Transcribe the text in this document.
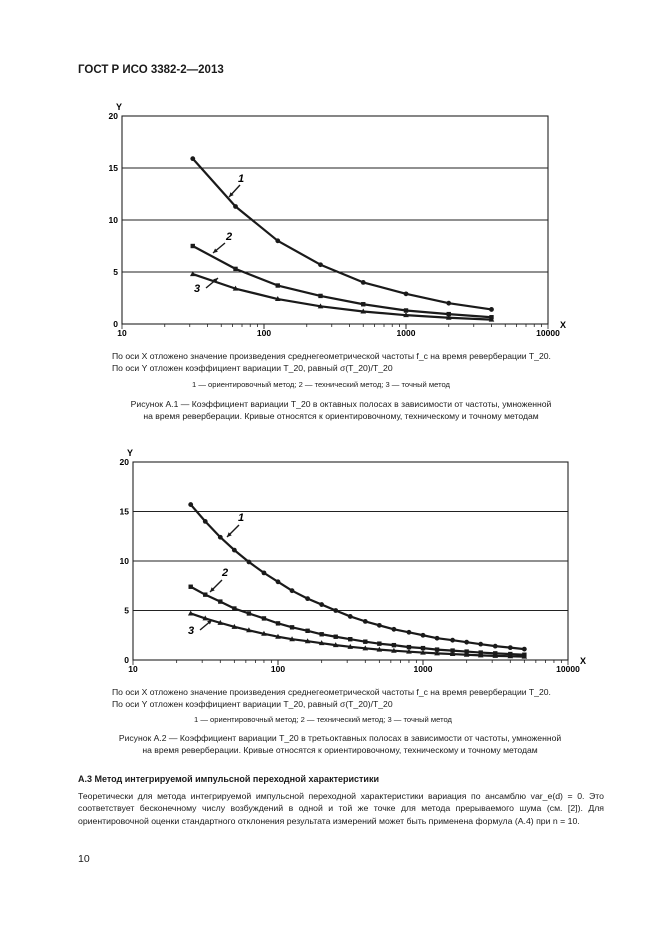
ГОСТ Р ИСО 3382-2—2013
0
5
10
15
20
10	100	1000	10000
X
Y
1
2
3
0
5
10
15
20
10	100	1000	10000
X
Y
1
2
3
По оси X отложено значение произведения среднегеометрической частоты f_c на время реверберации T_20.
По оси Y отложен коэффициент вариации T_20, равный σ(T_20)/T_20
1 — ориентировочный метод; 2 — технический метод; 3 — точный метод
Рисунок А.1 — Коэффициент вариации T_20 в октавных полосах в зависимости от частоты, умноженной
на время реверберации. Кривые относятся к ориентировочному, техническому и точному методам
По оси X отложено значение произведения среднегеометрической частоты f_c на время реверберации T_20.
По оси Y отложен коэффициент вариации T_20, равный σ(T_20)/T_20
1 — ориентировочный метод; 2 — технический метод; 3 — точный метод
Рисунок А.2 — Коэффициент вариации T_20 в третьоктавных полосах в зависимости от частоты, умноженной
на время реверберации. Кривые относятся к ориентировочному, техническому и точному методам
А.3 Метод интегрируемой импульсной переходной характеристики
Теоретически для метода интегрируемой импульсной переходной характеристики вариация по ансамблю var_e(d) = 0. Это соответствует бесконечному числу возбуждений в одной и той же точке для метода прерываемого шума (см. [2]). Для ориентировочной оценки стандартного отклонения результата измерений может быть применена формула (А.4) при n = 10.
10
